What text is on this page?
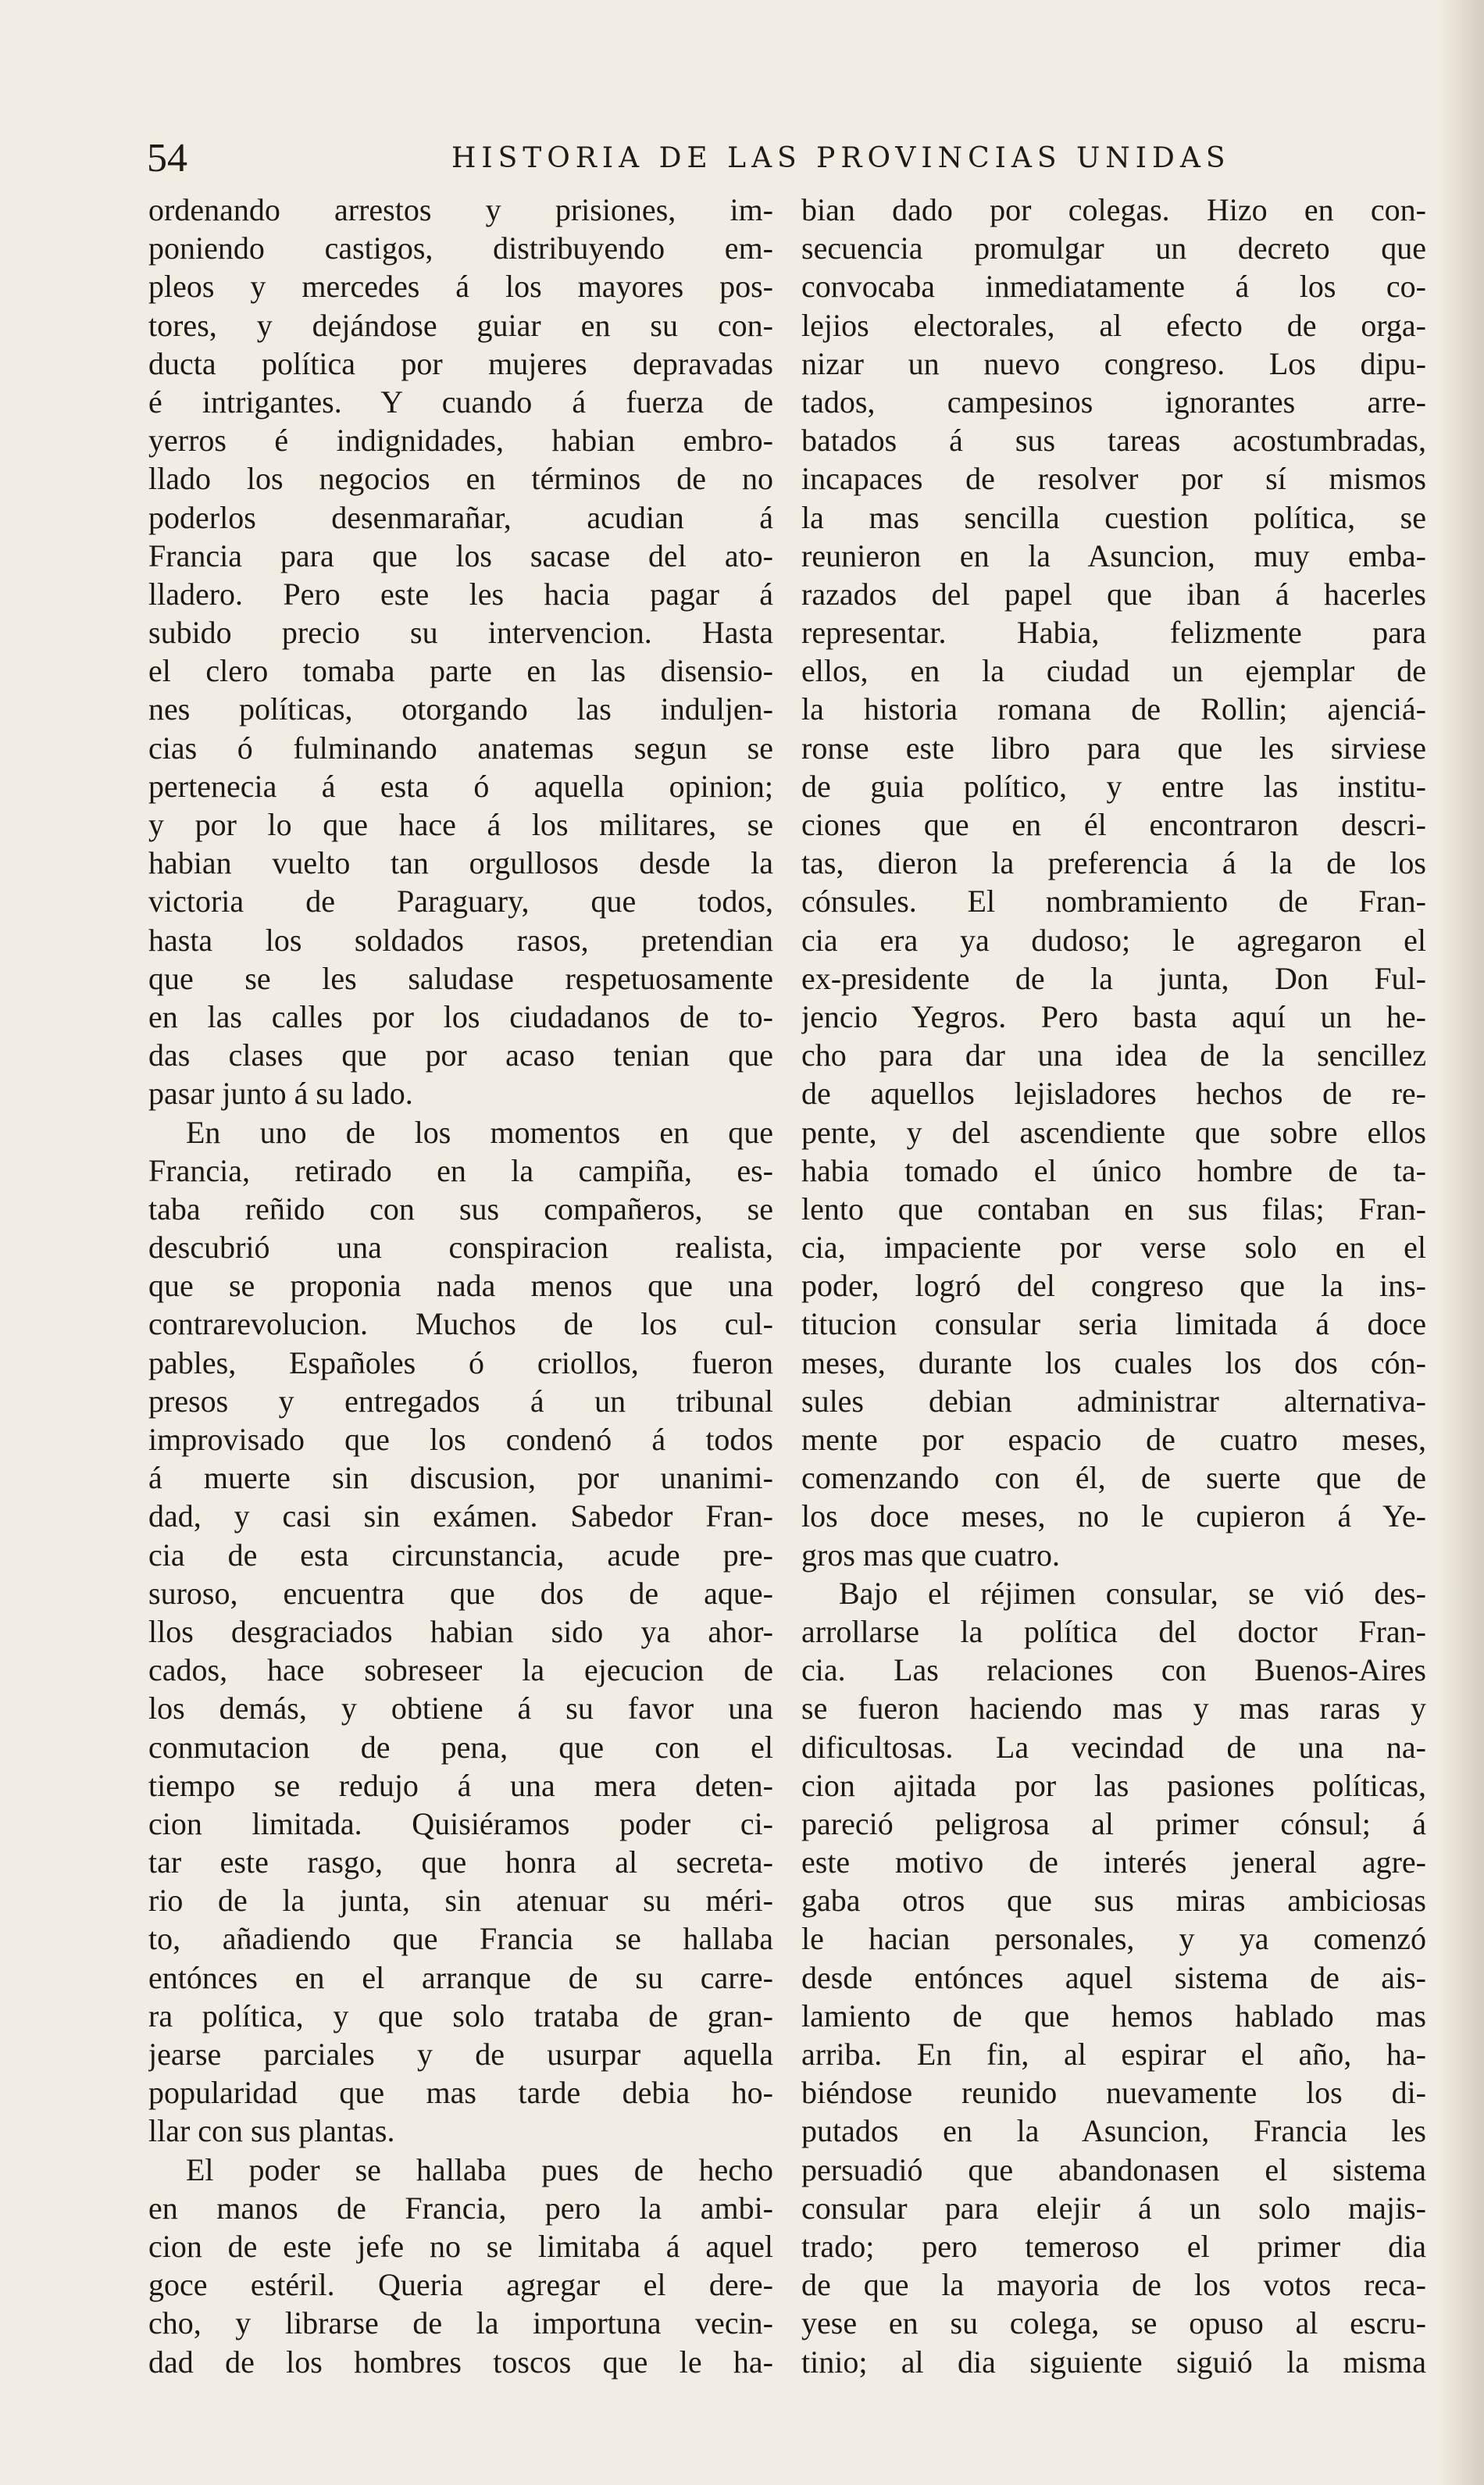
54	HISTORIA DE LAS PROVINCIAS UNIDAS
ordenando arrestos y prisiones, im-
poniendo castigos, distribuyendo em-
pleos y mercedes á los mayores pos-
tores, y dejándose guiar en su con-
ducta política por mujeres depravadas
é intrigantes. Y cuando á fuerza de
yerros é indignidades, habian embro-
llado los negocios en términos de no
poderlos desenmarañar, acudian á
Francia para que los sacase del ato-
lladero. Pero este les hacia pagar á
subido precio su intervencion. Hasta
el clero tomaba parte en las disensio-
nes políticas, otorgando las induljen-
cias ó fulminando anatemas segun se
pertenecia á esta ó aquella opinion;
y por lo que hace á los militares, se
habian vuelto tan orgullosos desde la
victoria de Paraguary, que todos,
hasta los soldados rasos, pretendian
que se les saludase respetuosamente
en las calles por los ciudadanos de to-
das clases que por acaso tenian que
pasar junto á su lado.
En uno de los momentos en que
Francia, retirado en la campiña, es-
taba reñido con sus compañeros, se
descubrió una conspiracion realista,
que se proponia nada menos que una
contrarevolucion. Muchos de los cul-
pables, Españoles ó criollos, fueron
presos y entregados á un tribunal
improvisado que los condenó á todos
á muerte sin discusion, por unanimi-
dad, y casi sin exámen. Sabedor Fran-
cia de esta circunstancia, acude pre-
suroso, encuentra que dos de aque-
llos desgraciados habian sido ya ahor-
cados, hace sobreseer la ejecucion de
los demás, y obtiene á su favor una
conmutacion de pena, que con el
tiempo se redujo á una mera deten-
cion limitada. Quisiéramos poder ci-
tar este rasgo, que honra al secreta-
rio de la junta, sin atenuar su méri-
to, añadiendo que Francia se hallaba
entónces en el arranque de su carre-
ra política, y que solo trataba de gran-
jearse parciales y de usurpar aquella
popularidad que mas tarde debia ho-
llar con sus plantas.
El poder se hallaba pues de hecho
en manos de Francia, pero la ambi-
cion de este jefe no se limitaba á aquel
goce estéril. Queria agregar el dere-
cho, y librarse de la importuna vecin-
dad de los hombres toscos que le ha-
bian dado por colegas. Hizo en con-
secuencia promulgar un decreto que
convocaba inmediatamente á los co-
lejios electorales, al efecto de orga-
nizar un nuevo congreso. Los dipu-
tados, campesinos ignorantes arre-
batados á sus tareas acostumbradas,
incapaces de resolver por sí mismos
la mas sencilla cuestion política, se
reunieron en la Asuncion, muy emba-
razados del papel que iban á hacerles
representar. Habia, felizmente para
ellos, en la ciudad un ejemplar de
la historia romana de Rollin; ajenciá-
ronse este libro para que les sirviese
de guia político, y entre las institu-
ciones que en él encontraron descri-
tas, dieron la preferencia á la de los
cónsules. El nombramiento de Fran-
cia era ya dudoso; le agregaron el
ex-presidente de la junta, Don Ful-
jencio Yegros. Pero basta aquí un he-
cho para dar una idea de la sencillez
de aquellos lejisladores hechos de re-
pente, y del ascendiente que sobre ellos
habia tomado el único hombre de ta-
lento que contaban en sus filas; Fran-
cia, impaciente por verse solo en el
poder, logró del congreso que la ins-
titucion consular seria limitada á doce
meses, durante los cuales los dos cón-
sules debian administrar alternativa-
mente por espacio de cuatro meses,
comenzando con él, de suerte que de
los doce meses, no le cupieron á Ye-
gros mas que cuatro.
Bajo el réjimen consular, se vió des-
arrollarse la política del doctor Fran-
cia. Las relaciones con Buenos-Aires
se fueron haciendo mas y mas raras y
dificultosas. La vecindad de una na-
cion ajitada por las pasiones políticas,
pareció peligrosa al primer cónsul; á
este motivo de interés jeneral agre-
gaba otros que sus miras ambiciosas
le hacian personales, y ya comenzó
desde entónces aquel sistema de ais-
lamiento de que hemos hablado mas
arriba. En fin, al espirar el año, ha-
biéndose reunido nuevamente los di-
putados en la Asuncion, Francia les
persuadió que abandonasen el sistema
consular para elejir á un solo majis-
trado; pero temeroso el primer dia
de que la mayoria de los votos reca-
yese en su colega, se opuso al escru-
tinio; al dia siguiente siguió la misma
